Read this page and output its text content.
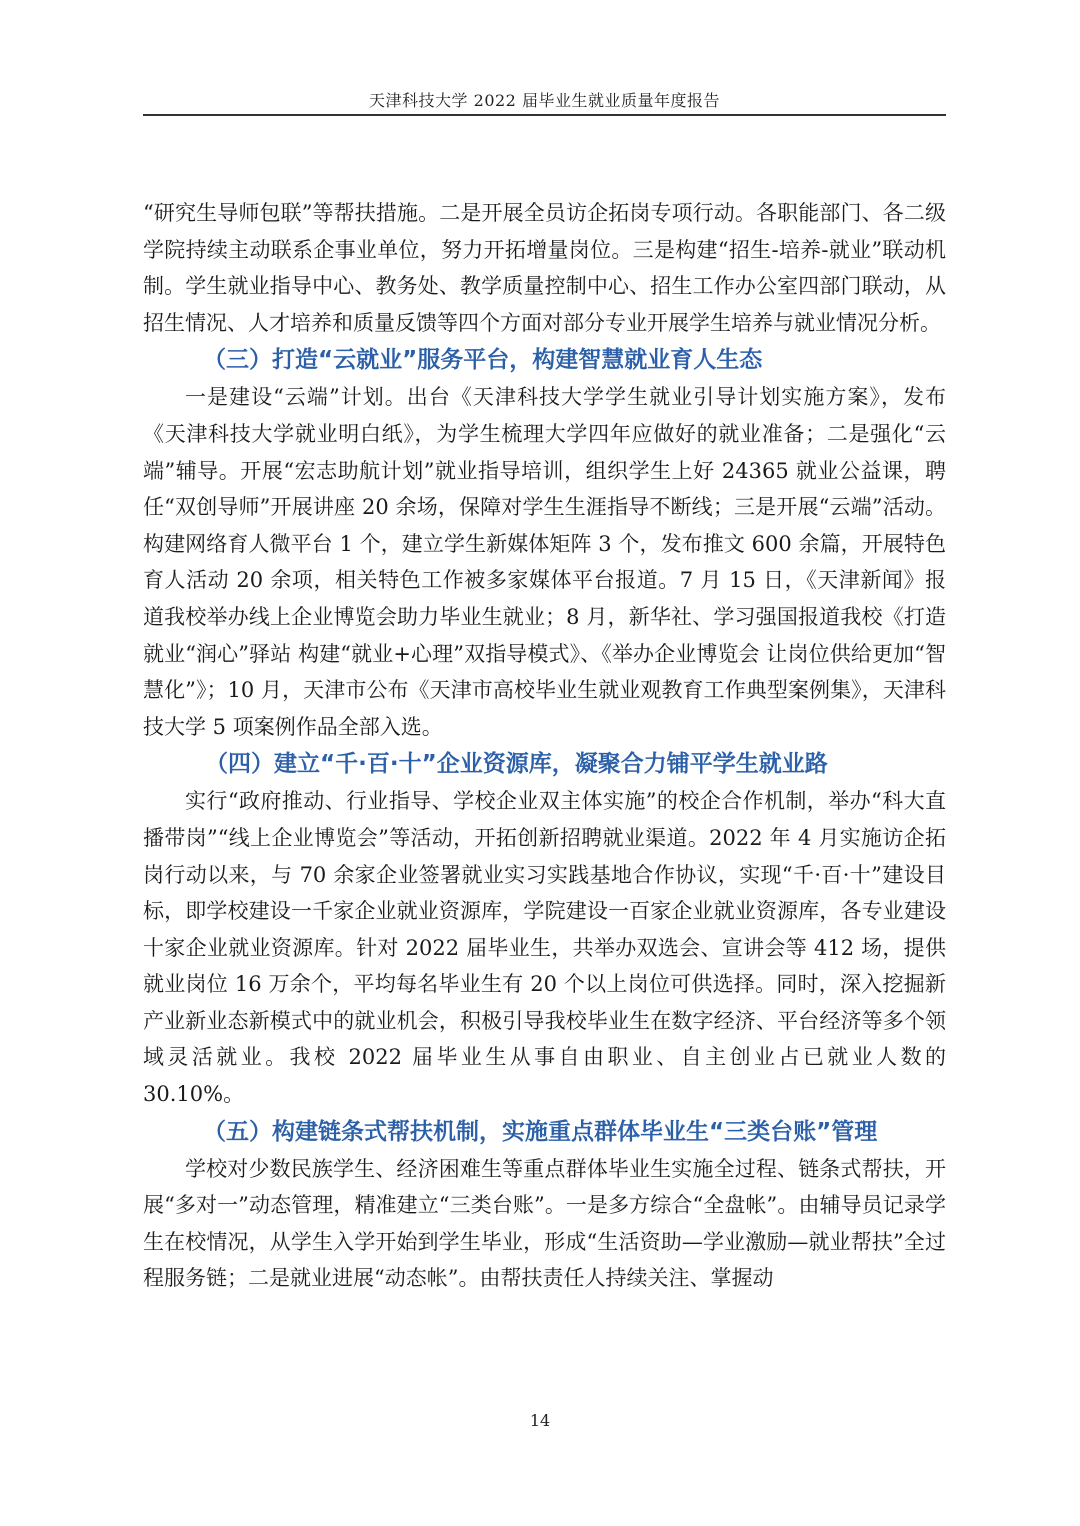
天津科技大学 2022 届毕业生就业质量年度报告

“研究生导师包联”等帮扶措施。二是开展全员访企拓岗专项行动。各职能部门、各二级学院持续主动联系企事业单位，努力开拓增量岗位。三是构建“招生-培养-就业”联动机制。学生就业指导中心、教务处、教学质量控制中心、招生工作办公室四部门联动，从招生情况、人才培养和质量反馈等四个方面对部分专业开展学生培养与就业情况分析。

（三）打造“云就业”服务平台，构建智慧就业育人生态

一是建设“云端”计划。出台《天津科技大学学生就业引导计划实施方案》，发布《天津科技大学就业明白纸》，为学生梳理大学四年应做好的就业准备；二是强化“云端”辅导。开展“宏志助航计划”就业指导培训，组织学生上好 24365 就业公益课，聘任“双创导师”开展讲座 20 余场，保障对学生生涯指导不断线；三是开展“云端”活动。构建网络育人微平台 1 个，建立学生新媒体矩阵 3 个，发布推文 600 余篇，开展特色育人活动 20 余项，相关特色工作被多家媒体平台报道。7 月 15 日，《天津新闻》报道我校举办线上企业博览会助力毕业生就业；8 月，新华社、学习强国报道我校《打造就业“润心”驿站 构建“就业+心理”双指导模式》、《举办企业博览会 让岗位供给更加“智慧化”》；10 月，天津市公布《天津市高校毕业生就业观教育工作典型案例集》，天津科技大学 5 项案例作品全部入选。

（四）建立“千·百·十”企业资源库，凝聚合力铺平学生就业路

实行“政府推动、行业指导、学校企业双主体实施”的校企合作机制，举办“科大直播带岗”“线上企业博览会”等活动，开拓创新招聘就业渠道。2022 年 4 月实施访企拓岗行动以来，与 70 余家企业签署就业实习实践基地合作协议，实现“千·百·十”建设目标，即学校建设一千家企业就业资源库，学院建设一百家企业就业资源库，各专业建设十家企业就业资源库。针对 2022 届毕业生，共举办双选会、宣讲会等 412 场，提供就业岗位 16 万余个，平均每名毕业生有 20 个以上岗位可供选择。同时，深入挖掘新产业新业态新模式中的就业机会，积极引导我校毕业生在数字经济、平台经济等多个领域灵活就业。我校 2022 届毕业生从事自由职业、自主创业占已就业人数的 30.10%。

（五）构建链条式帮扶机制，实施重点群体毕业生“三类台账”管理

学校对少数民族学生、经济困难生等重点群体毕业生实施全过程、链条式帮扶，开展“多对一”动态管理，精准建立“三类台账”。一是多方综合“全盘帐”。由辅导员记录学生在校情况，从学生入学开始到学生毕业，形成“生活资助—学业激励—就业帮扶”全过程服务链；二是就业进展“动态帐”。由帮扶责任人持续关注、掌握动

14
